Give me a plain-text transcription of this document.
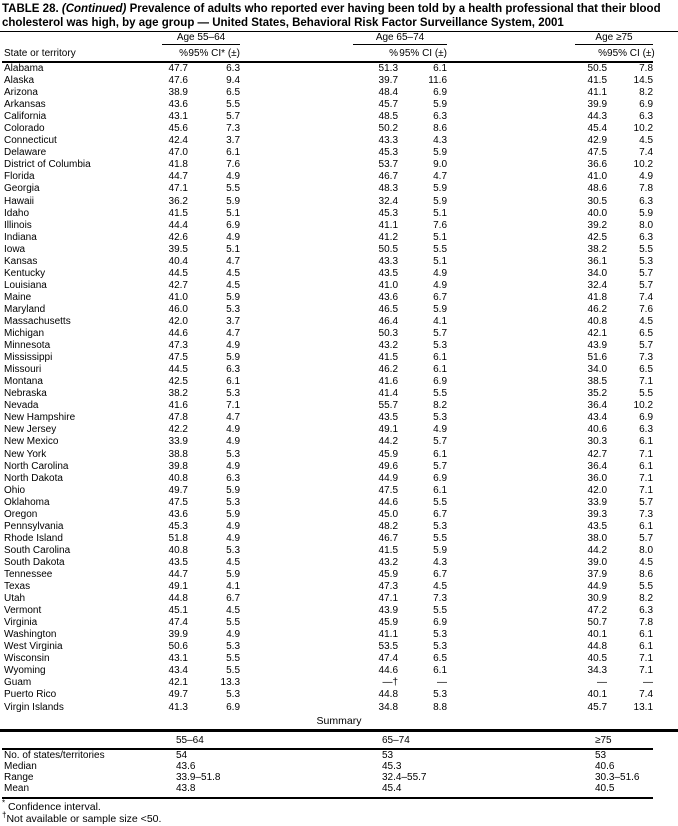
TABLE 28. (Continued) Prevalence of adults who reported ever having been told by a health professional that their blood cholesterol was high, by age group — United States, Behavioral Risk Factor Surveillance System, 2001
	Age 55–64		Age 65–74		Age ≥75	
State or territory	%	95% CI* (±)	%	95% CI (±)	%	95% CI (±)
Alabama	47.7	6.3	51.3	6.1	50.5	7.8
Alaska	47.6	9.4	39.7	11.6	41.5	14.5
Arizona	38.9	6.5	48.4	6.9	41.1	8.2
Arkansas	43.6	5.5	45.7	5.9	39.9	6.9
California	43.1	5.7	48.5	6.3	44.3	6.3
Colorado	45.6	7.3	50.2	8.6	45.4	10.2
Connecticut	42.4	3.7	43.3	4.3	42.9	4.5
Delaware	47.0	6.1	45.3	5.9	47.5	7.4
District of Columbia	41.8	7.6	53.7	9.0	36.6	10.2
Florida	44.7	4.9	46.7	4.7	41.0	4.9
Georgia	47.1	5.5	48.3	5.9	48.6	7.8
Hawaii	36.2	5.9	32.4	5.9	30.5	6.3
Idaho	41.5	5.1	45.3	5.1	40.0	5.9
Illinois	44.4	6.9	41.1	7.6	39.2	8.0
Indiana	42.6	4.9	41.2	5.1	42.5	6.3
Iowa	39.5	5.1	50.5	5.5	38.2	5.5
Kansas	40.4	4.7	43.3	5.1	36.1	5.3
Kentucky	44.5	4.5	43.5	4.9	34.0	5.7
Louisiana	42.7	4.5	41.0	4.9	32.4	5.7
Maine	41.0	5.9	43.6	6.7	41.8	7.4
Maryland	46.0	5.3	46.5	5.9	46.2	7.6
Massachusetts	42.0	3.7	46.4	4.1	40.8	4.5
Michigan	44.6	4.7	50.3	5.7	42.1	6.5
Minnesota	47.3	4.9	43.2	5.3	43.9	5.7
Mississippi	47.5	5.9	41.5	6.1	51.6	7.3
Missouri	44.5	6.3	46.2	6.1	34.0	6.5
Montana	42.5	6.1	41.6	6.9	38.5	7.1
Nebraska	38.2	5.3	41.4	5.5	35.2	5.5
Nevada	41.6	7.1	55.7	8.2	36.4	10.2
New Hampshire	47.8	4.7	43.5	5.3	43.4	6.9
New Jersey	42.2	4.9	49.1	4.9	40.6	6.3
New Mexico	33.9	4.9	44.2	5.7	30.3	6.1
New York	38.8	5.3	45.9	6.1	42.7	7.1
North Carolina	39.8	4.9	49.6	5.7	36.4	6.1
North Dakota	40.8	6.3	44.9	6.9	36.0	7.1
Ohio	49.7	5.9	47.5	6.1	42.0	7.1
Oklahoma	47.5	5.3	44.6	5.5	33.9	5.7
Oregon	43.6	5.9	45.0	6.7	39.3	7.3
Pennsylvania	45.3	4.9	48.2	5.3	43.5	6.1
Rhode Island	51.8	4.9	46.7	5.5	38.0	5.7
South Carolina	40.8	5.3	41.5	5.9	44.2	8.0
South Dakota	43.5	4.5	43.2	4.3	39.0	4.5
Tennessee	44.7	5.9	45.9	6.7	37.9	8.6
Texas	49.1	4.1	47.3	4.5	44.9	5.5
Utah	44.8	6.7	47.1	7.3	30.9	8.2
Vermont	45.1	4.5	43.9	5.5	47.2	6.3
Virginia	47.4	5.5	45.9	6.9	50.7	7.8
Washington	39.9	4.9	41.1	5.3	40.1	6.1
West Virginia	50.6	5.3	53.5	5.3	44.8	6.1
Wisconsin	43.1	5.5	47.4	6.5	40.5	7.1
Wyoming	43.4	5.5	44.6	6.1	34.3	7.1
Guam	42.1	13.3	—†	—	—	—
Puerto Rico	49.7	5.3	44.8	5.3	40.1	7.4
Virgin Islands	41.3	6.9	34.8	8.8	45.7	13.1
Summary
	55–64	65–74	≥75
No. of states/territories	54	53	53
Median	43.6	45.3	40.6
Range	33.9–51.8	32.4–55.7	30.3–51.6
Mean	43.8	45.4	40.5
* Confidence interval.
†Not available or sample size <50.
